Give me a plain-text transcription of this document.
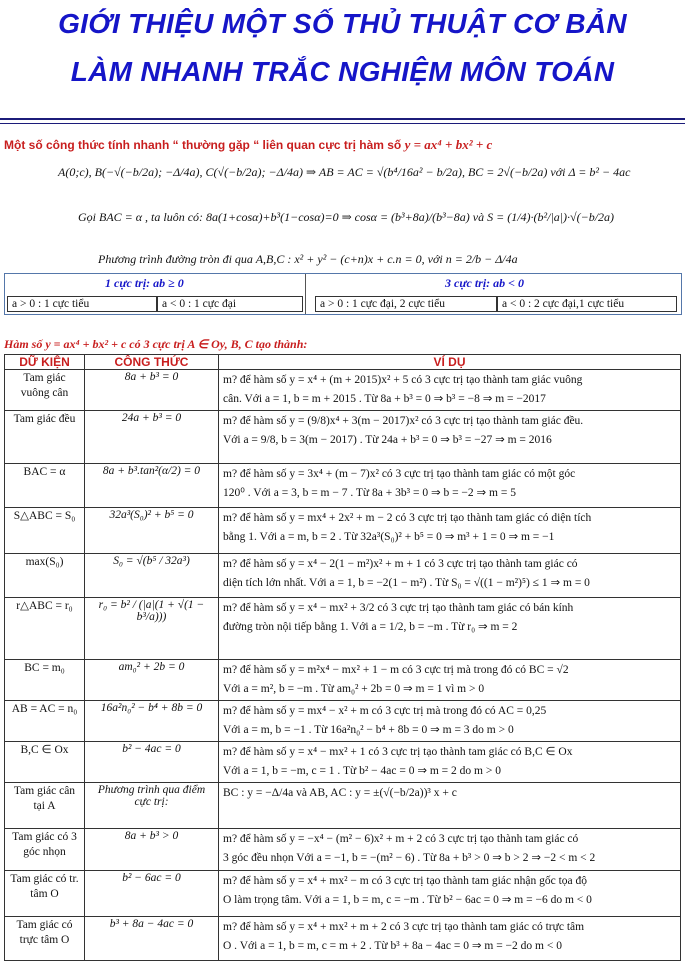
GIỚI THIỆU MỘT SỐ THỦ THUẬT CƠ BẢN
LÀM NHANH TRẮC NGHIỆM MÔN TOÁN
Một số công thức tính nhanh “ thường gặp “ liên quan cực trị hàm số y = ax⁴ + bx² + c
A(0;c), B(−√(−b/2a); −Δ/4a), C(√(−b/2a); −Δ/4a) ⇒ AB = AC = √(b⁴/16a² − b/2a), BC = 2√(−b/2a) với Δ = b² − 4ac
Gọi BAC = α , ta luôn có: 8a(1+cosα)+b³(1−cosα)=0 ⇒ cosα = (b³+8a)/(b³−8a) và S = (1/4)·(b²/|a|)·√(−b/2a)
Phương trình đường tròn đi qua A,B,C : x² + y² − (c+n)x + c.n = 0, với n = 2/b − Δ/4a
1 cực trị: ab ≥ 0	3 cực trị: ab < 0
a > 0 : 1 cực tiểu	a < 0 : 1 cực đại	a > 0 : 1 cực đại, 2 cực tiểu	a < 0 : 2 cực đại,1 cực tiểu
Hàm số y = ax⁴ + bx² + c có 3 cực trị A ∈ Oy, B, C tạo thành:
DỮ KIỆN	CÔNG THỨC	VÍ DỤ
Tam giác vuông cân	8a + b³ = 0	m? để hàm số y = x⁴ + (m + 2015)x² + 5 có 3 cực trị tạo thành tam giác vuông
cân. Với a = 1, b = m + 2015 . Từ 8a + b³ = 0 ⇒ b³ = −8 ⇒ m = −2017

Tam giác đều	24a + b³ = 0	m? để hàm số y = (9/8)x⁴ + 3(m − 2017)x² có 3 cực trị tạo thành tam giác đều.
Với a = 9/8, b = 3(m − 2017) . Từ 24a + b³ = 0 ⇒ b³ = −27 ⇒ m = 2016

BAC = α	8a + b³.tan²(α/2) = 0	m? để hàm số y = 3x⁴ + (m − 7)x² có 3 cực trị tạo thành tam giác có một góc
120⁰ . Với a = 3, b = m − 7 . Từ 8a + 3b³ = 0 ⇒ b = −2 ⇒ m = 5

S△ABC = S₀	32a³(S₀)² + b⁵ = 0	m? để hàm số y = mx⁴ + 2x² + m − 2 có 3 cực trị tạo thành tam giác có diện tích
bằng 1. Với a = m, b = 2 . Từ 32a³(S₀)² + b⁵ = 0 ⇒ m³ + 1 = 0 ⇒ m = −1

max(S₀)	S₀ = √(b⁵ / 32a³)	m? để hàm số y = x⁴ − 2(1 − m²)x² + m + 1 có 3 cực trị tạo thành tam giác có
diện tích lớn nhất. Với a = 1, b = −2(1 − m²) . Từ S₀ = √((1 − m²)⁵) ≤ 1 ⇒ m = 0

r△ABC = r₀	r₀ = b² / (|a|(1 + √(1 − b³/a)))	m? để hàm số y = x⁴ − mx² + 3/2 có 3 cực trị tạo thành tam giác có bán kính
đường tròn nội tiếp bằng 1. Với a = 1/2, b = −m . Từ r₀ ⇒ m = 2

BC = m₀	am₀² + 2b = 0	m? để hàm số y = m²x⁴ − mx² + 1 − m có 3 cực trị mà trong đó có BC = √2
Với a = m², b = −m . Từ am₀² + 2b = 0 ⇒ m = 1 vì m > 0

AB = AC = n₀	16a²n₀² − b⁴ + 8b = 0	m? để hàm số y = mx⁴ − x² + m có 3 cực trị mà trong đó có AC = 0,25
Với a = m, b = −1 . Từ 16a²n₀² − b⁴ + 8b = 0 ⇒ m = 3 do m > 0

B,C ∈ Ox	b² − 4ac = 0	m? để hàm số y = x⁴ − mx² + 1 có 3 cực trị tạo thành tam giác có B,C ∈ Ox
Với a = 1, b = −m, c = 1 . Từ b² − 4ac = 0 ⇒ m = 2 do m > 0

Tam giác cân tại A	Phương trình qua điểm cực trị:	BC : y = −Δ/4a và AB, AC : y = ±(√(−b/2a))³ x + c

Tam giác có 3 góc nhọn	8a + b³ > 0	m? để hàm số y = −x⁴ − (m² − 6)x² + m + 2 có 3 cực trị tạo thành tam giác có
3 góc đều nhọn Với a = −1, b = −(m² − 6) . Từ 8a + b³ > 0 ⇒ b > 2 ⇒ −2 < m < 2

Tam giác có tr. tâm O	b² − 6ac = 0	m? để hàm số y = x⁴ + mx² − m có 3 cực trị tạo thành tam giác nhận gốc tọa độ
O làm trọng tâm. Với a = 1, b = m, c = −m . Từ b² − 6ac = 0 ⇒ m = −6 do m < 0

Tam giác có trực tâm O	b³ + 8a − 4ac = 0	m? để hàm số y = x⁴ + mx² + m + 2 có 3 cực trị tạo thành tam giác có trực tâm
O . Với a = 1, b = m, c = m + 2 . Từ b³ + 8a − 4ac = 0 ⇒ m = −2 do m < 0
